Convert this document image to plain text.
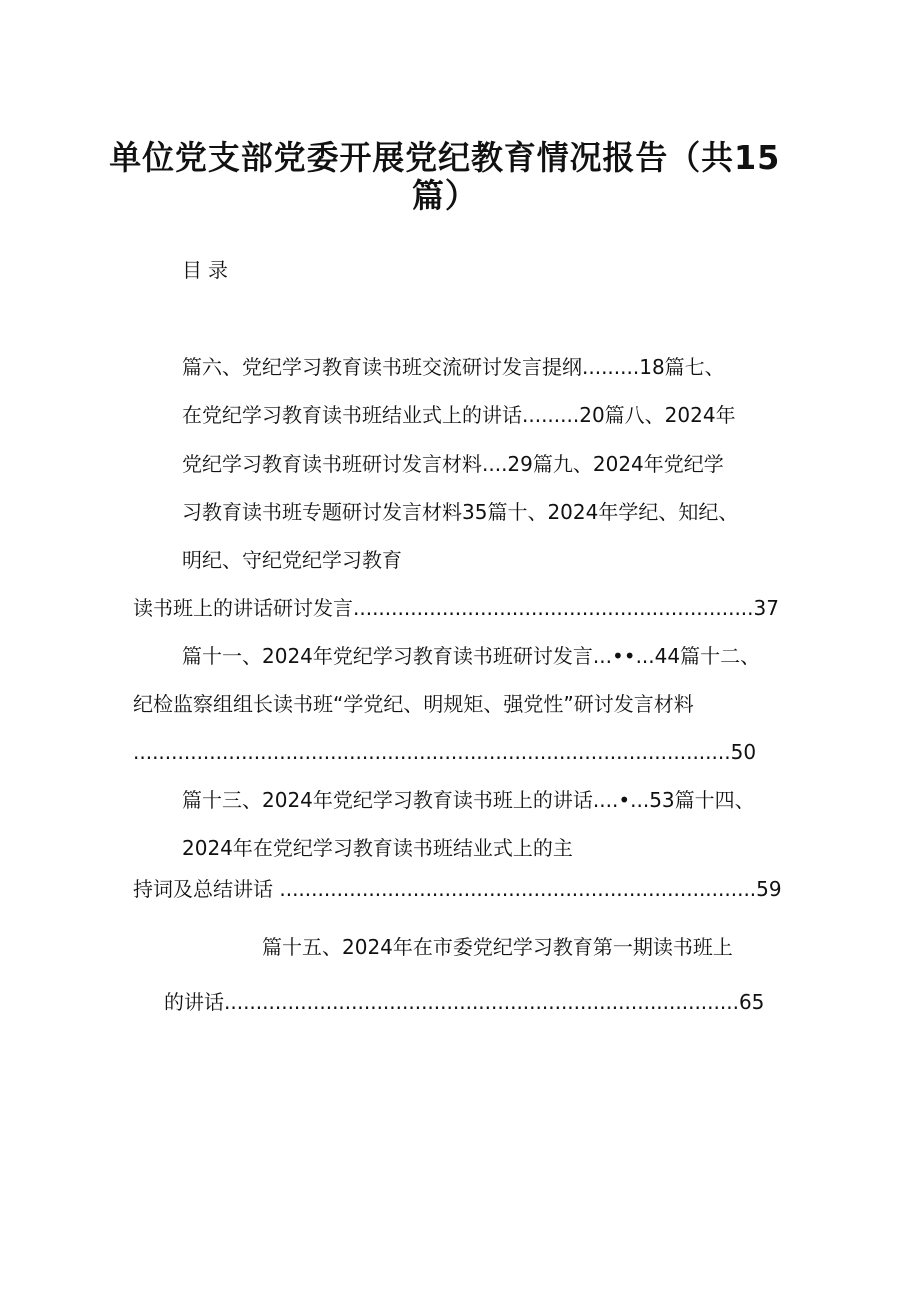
单位党支部党委开展党纪教育情况报告（共15
篇）
目录
篇六、党纪学习教育读书班交流研讨发言提纲.........18篇七、
在党纪学习教育读书班结业式上的讲话.........20篇八、2024年
党纪学习教育读书班研讨发言材料....29篇九、2024年党纪学
习教育读书班专题研讨发言材料35篇十、2024年学纪、知纪、
明纪、守纪党纪学习教育
读书班上的讲话研讨发言...............................................................37
篇十一、2024年党纪学习教育读书班研讨发言...••...44篇十二、
纪检监察组组长读书班“学党纪、明规矩、强党性”研讨发言材料
..............................................................................................50
篇十三、2024年党纪学习教育读书班上的讲话....•...53篇十四、
2024年在党纪学习教育读书班结业式上的主
持词及总结讲话 ...........................................................................59
篇十五、2024年在市委党纪学习教育第一期读书班上
的讲话.................................................................................65
